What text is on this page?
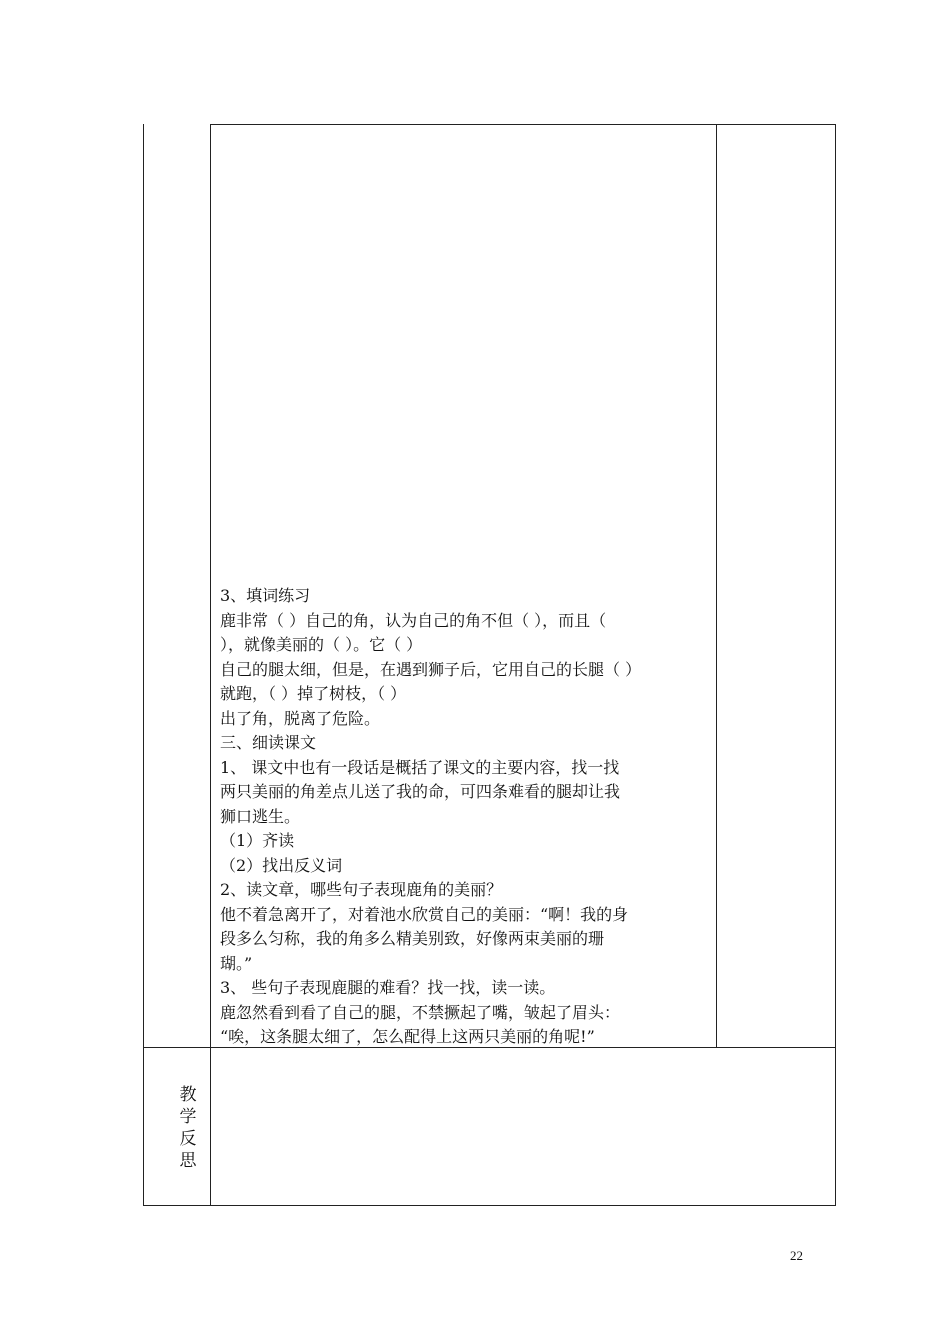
3、填词练习
鹿非常（ ）自己的角，认为自己的角不但（ ），而且（
），就像美丽的（ ）。它（ ）
自己的腿太细，但是，在遇到狮子后，它用自己的长腿（ ）
就跑，（ ）掉了树枝，（ ）
出了角，脱离了危险。
三、细读课文
1、 课文中也有一段话是概括了课文的主要内容，找一找
两只美丽的角差点儿送了我的命，可四条难看的腿却让我
狮口逃生。
（1）齐读
（2）找出反义词
2、读文章，哪些句子表现鹿角的美丽？
他不着急离开了，对着池水欣赏自己的美丽：“啊！我的身
段多么匀称，我的角多么精美别致，好像两束美丽的珊
瑚。”
3、 些句子表现鹿腿的难看？找一找，读一读。
鹿忽然看到看了自己的腿，不禁撅起了嘴，皱起了眉头：
“唉，这条腿太细了，怎么配得上这两只美丽的角呢!”
教
学
反
思
22
